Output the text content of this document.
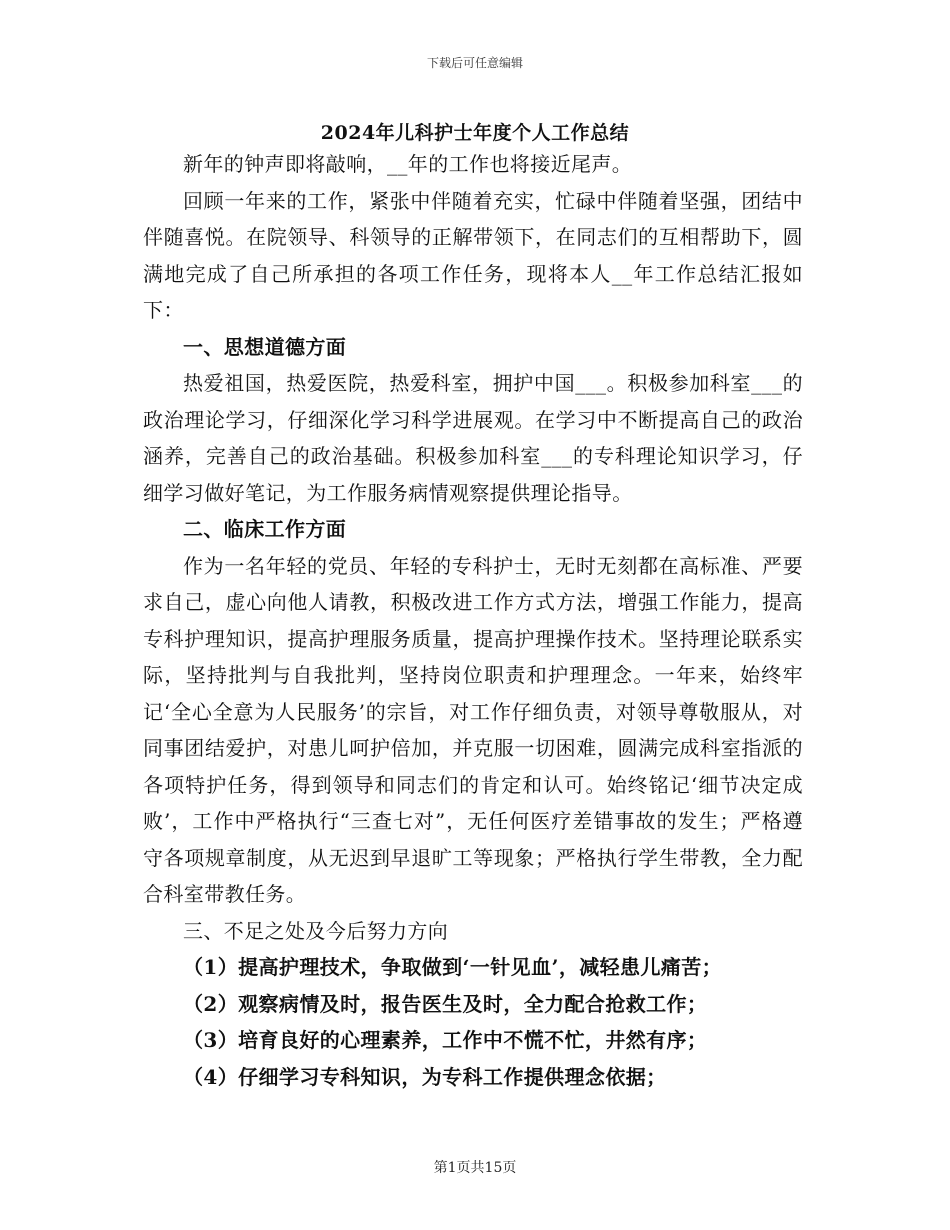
下载后可任意编辑
2024年儿科护士年度个人工作总结

新年的钟声即将敲响，__年的工作也将接近尾声。

回顾一年来的工作，紧张中伴随着充实，忙碌中伴随着坚强，团结中伴随喜悦。在院领导、科领导的正解带领下，在同志们的互相帮助下，圆满地完成了自己所承担的各项工作任务，现将本人__年工作总结汇报如下：

一、思想道德方面

热爱祖国，热爱医院，热爱科室，拥护中国___。积极参加科室___的政治理论学习，仔细深化学习科学进展观。在学习中不断提高自己的政治涵养，完善自己的政治基础。积极参加科室___的专科理论知识学习，仔细学习做好笔记，为工作服务病情观察提供理论指导。

二、临床工作方面

作为一名年轻的党员、年轻的专科护士，无时无刻都在高标准、严要求自己，虚心向他人请教，积极改进工作方式方法，增强工作能力，提高专科护理知识，提高护理服务质量，提高护理操作技术。坚持理论联系实际，坚持批判与自我批判，坚持岗位职责和护理理念。一年来，始终牢记‘全心全意为人民服务’的宗旨，对工作仔细负责，对领导尊敬服从，对同事团结爱护，对患儿呵护倍加，并克服一切困难，圆满完成科室指派的各项特护任务，得到领导和同志们的肯定和认可。始终铭记‘细节决定成败’，工作中严格执行“三查七对”，无任何医疗差错事故的发生；严格遵守各项规章制度，从无迟到早退旷工等现象；严格执行学生带教，全力配合科室带教任务。

三、不足之处及今后努力方向

（1）提高护理技术，争取做到‘一针见血’，减轻患儿痛苦；

（2）观察病情及时，报告医生及时，全力配合抢救工作；

（3）培育良好的心理素养，工作中不慌不忙，井然有序；

（4）仔细学习专科知识，为专科工作提供理念依据；

第1页共15页
